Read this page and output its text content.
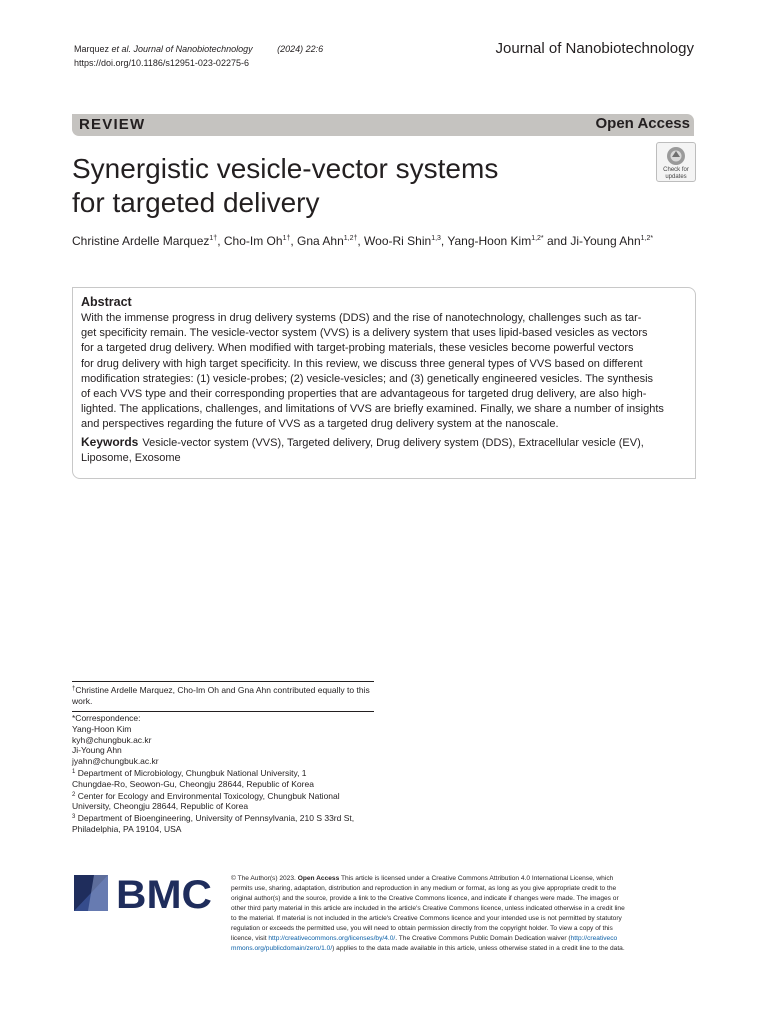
Marquez et al. Journal of Nanobiotechnology	(2024) 22:6
https://doi.org/10.1186/s12951-023-02275-6
Journal of Nanobiotechnology
REVIEW	Open Access
Synergistic vesicle-vector systems
for targeted delivery
Check for
updates
Christine Ardelle Marquez$^{1\dagger}$, Cho-Im $Oh^{1\dagger}$, Gna Ahn$^{1,2\dagger}$, Woo-Ri Shin$^{1,3}$, Yang-Hoon Kim$^{1,2*}$ and Ji-Young Ahn$^{1,2*}$
Abstract
With the immense progress in drug delivery systems (DDS) and the rise of nanotechnology, challenges such as tar-
get specificity remain. The vesicle-vector system (VVS) is a delivery system that uses lipid-based vesicles as vectors
for a targeted drug delivery. When modified with target-probing materials, these vesicles become powerful vectors
for drug delivery with high target specificity. In this review, we discuss three general types of VVS based on different
modification strategies: (1) vesicle-probes; (2) vesicle-vesicles; and (3) genetically engineered vesicles. The synthesis
of each VVS type and their corresponding properties that are advantageous for targeted drug delivery, are also high-
lighted. The applications, challenges, and limitations of VVS are briefly examined. Finally, we share a number of insights
and perspectives regarding the future of VVS as a targeted drug delivery system at the nanoscale.
Keywords Vesicle-vector system (VVS), Targeted delivery, Drug delivery system (DDS), Extracellular vesicle (EV),
Liposome, Exosome
†Christine Ardelle Marquez, Cho-Im Oh and Gna Ahn contributed equally to this work.
*Correspondence:
Yang-Hoon Kim
kyh@chungbuk.ac.kr
Ji-Young Ahn
jyahn@chungbuk.ac.kr
$^1$ Department of Microbiology, Chungbuk National University, 1
Chungdae-Ro, Seowon-Gu, Cheongju 28644, Republic of Korea
$^2$ Center for Ecology and Environmental Toxicology, Chungbuk National
University, Cheongju 28644, Republic of Korea
$^3$ Department of Bioengineering, University of Pennsylvania, 210 S 33rd St,
Philadelphia, PA 19104, USA
BMC	© The Author(s) 2023. Open Access This article is licensed under a Creative Commons Attribution 4.0 International License, which
permits use, sharing, adaptation, distribution and reproduction in any medium or format, as long as you give appropriate credit to the
original author(s) and the source, provide a link to the Creative Commons licence, and indicate if changes were made. The images or
other third party material in this article are included in the article's Creative Commons licence, unless indicated otherwise in a credit line
to the material. If material is not included in the article's Creative Commons licence and your intended use is not permitted by statutory
regulation or exceeds the permitted use, you will need to obtain permission directly from the copyright holder. To view a copy of this
licence, visit http://creativecommons.org/licenses/by/4.0/. The Creative Commons Public Domain Dedication waiver (http://creativeco
mmons.org/publicdomain/zero/1.0/) applies to the data made available in this article, unless otherwise stated in a credit line to the data.
